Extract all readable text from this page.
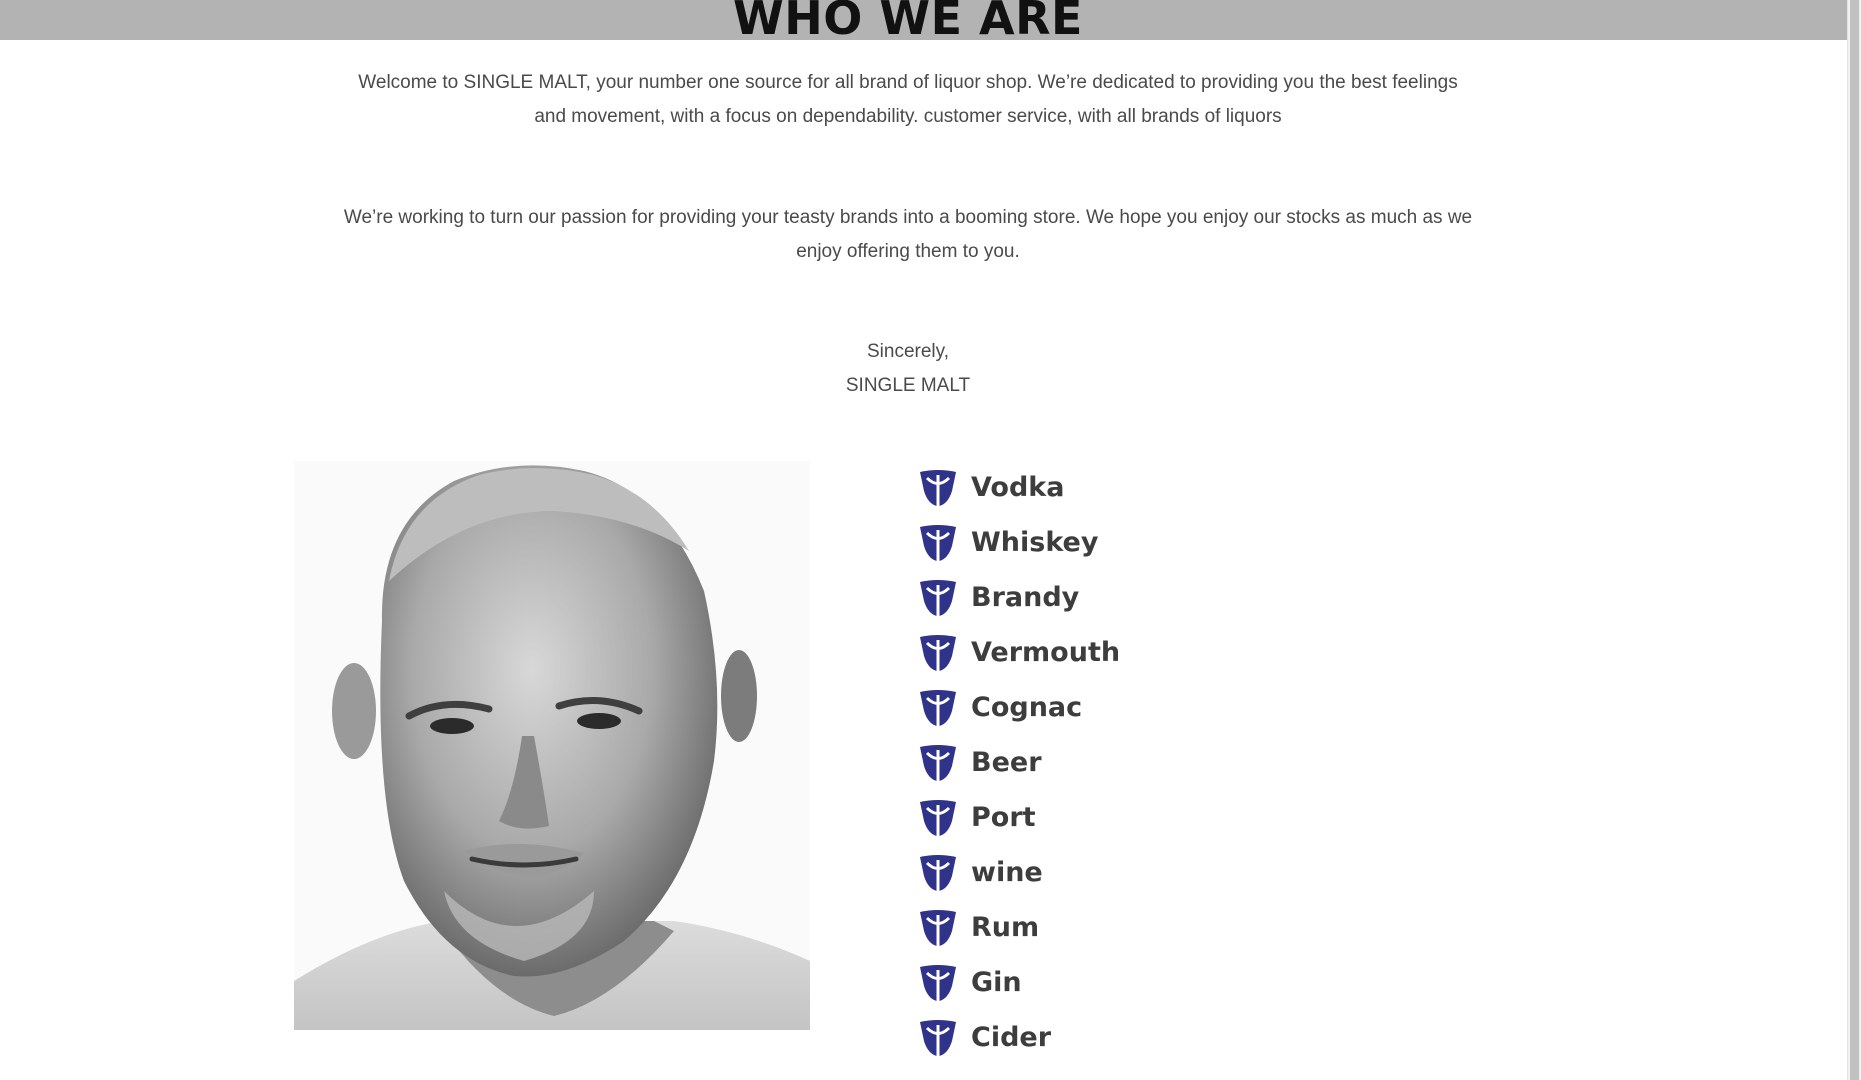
WHO WE ARE

Welcome to SINGLE MALT, your number one source for all brand of liquor shop. We’re dedicated to providing you the best feelings and movement, with a focus on dependability. customer service, with all brands of liquors

We’re working to turn our passion for providing your teasty brands into a booming store. We hope you enjoy our stocks as much as we enjoy offering them to you.

Sincerely,

SINGLE MALT

Vodka
Whiskey
Brandy
Vermouth
Cognac
Beer
Port
wine
Rum
Gin
Cider
